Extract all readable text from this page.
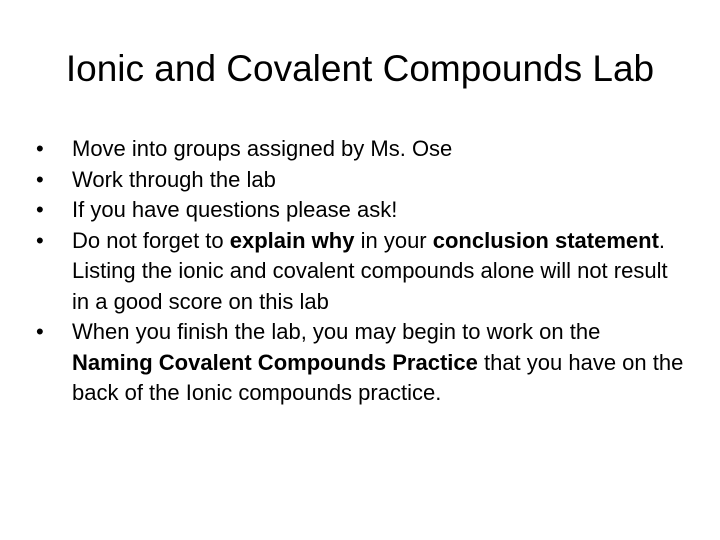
Ionic and Covalent Compounds Lab
•	Move into groups assigned by Ms. Ose
•	Work through the lab
•	If you have questions please ask!
•	Do not forget to explain why in your conclusion statement. Listing the ionic and covalent compounds alone will not result in a good score on this lab
•	When you finish the lab, you may begin to work on the Naming Covalent Compounds Practice that you have on the back of the Ionic compounds practice.
